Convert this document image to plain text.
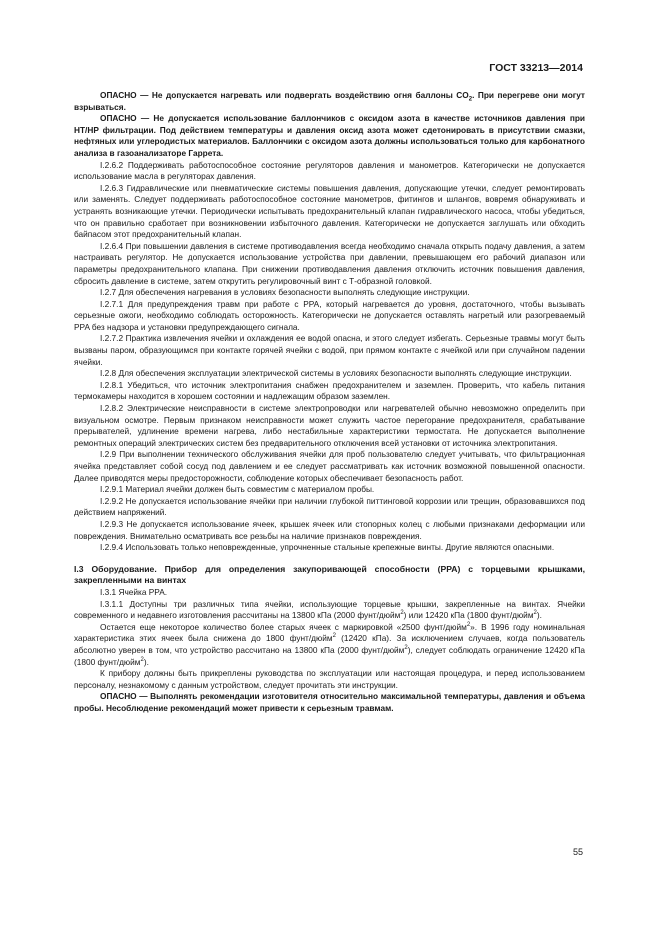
ГОСТ 33213—2014

ОПАСНО — Не допускается нагревать или подвергать воздействию огня баллоны $CO_2$. При перегреве они могут взрываться.

ОПАСНО — Не допускается использование баллончиков с оксидом азота в качестве источников давления при HT/HP фильтрации. Под действием температуры и давления оксид азота может сдетонировать в присутствии смазки, нефтяных или углеродистых материалов. Баллончики с оксидом азота должны использоваться только для карбонатного анализа в газоанализаторе Гаррета.

I.2.6.2 Поддерживать работоспособное состояние регуляторов давления и манометров. Категорически не допускается использование масла в регуляторах давления.

I.2.6.3 Гидравлические или пневматические системы повышения давления, допускающие утечки, следует ремонтировать или заменять. Следует поддерживать работоспособное состояние манометров, фитингов и шлангов, вовремя обнаруживать и устранять возникающие утечки. Периодически испытывать предохранительный клапан гидравлического насоса, чтобы убедиться, что он правильно сработает при возникновении избыточного давления. Категорически не допускается заглушать или обходить байпасом этот предохранительный клапан.

I.2.6.4 При повышении давления в системе противодавления всегда необходимо сначала открыть подачу давления, а затем настраивать регулятор. Не допускается использование устройства при давлении, превышающем его рабочий диапазон или параметры предохранительного клапана. При снижении противодавления давления отключить источник повышения давления, сбросить давление в системе, затем открутить регулировочный винт с Т-образной головкой.

I.2.7 Для обеспечения нагревания в условиях безопасности выполнять следующие инструкции.

I.2.7.1 Для предупреждения травм при работе с PPA, который нагревается до уровня, достаточного, чтобы вызывать серьезные ожоги, необходимо соблюдать осторожность. Категорически не допускается оставлять нагретый или разогреваемый PPA без надзора и установки предупреждающего сигнала.

I.2.7.2 Практика извлечения ячейки и охлаждения ее водой опасна, и этого следует избегать. Серьезные травмы могут быть вызваны паром, образующимся при контакте горячей ячейки с водой, при прямом контакте с ячейкой или при случайном падении ячейки.

I.2.8 Для обеспечения эксплуатации электрической системы в условиях безопасности выполнять следующие инструкции.

I.2.8.1 Убедиться, что источник электропитания снабжен предохранителем и заземлен. Проверить, что кабель питания термокамеры находится в хорошем состоянии и надлежащим образом заземлен.

I.2.8.2 Электрические неисправности в системе электропроводки или нагревателей обычно невозможно определить при визуальном осмотре. Первым признаком неисправности может служить частое перегорание предохранителя, срабатывание прерывателей, удлинение времени нагрева, либо нестабильные характеристики термостата. Не допускается выполнение ремонтных операций электрических систем без предварительного отключения всей установки от источника электропитания.

I.2.9 При выполнении технического обслуживания ячейки для проб пользователю следует учитывать, что фильтрационная ячейка представляет собой сосуд под давлением и ее следует рассматривать как источник возможной повышенной опасности. Далее приводятся меры предосторожности, соблюдение которых обеспечивает безопасность работ.

I.2.9.1 Материал ячейки должен быть совместим с материалом пробы.

I.2.9.2 Не допускается использование ячейки при наличии глубокой питтинговой коррозии или трещин, образовавшихся под действием напряжений.

I.2.9.3 Не допускается использование ячеек, крышек ячеек или стопорных колец с любыми признаками деформации или повреждения. Внимательно осматривать все резьбы на наличие признаков повреждения.

I.2.9.4 Использовать только неповрежденные, упрочненные стальные крепежные винты. Другие являются опасными.

I.3 Оборудование. Прибор для определения закупоривающей способности (PPA) с торцевыми крышками, закрепленными на винтах

I.3.1 Ячейка PPA.

I.3.1.1 Доступны три различных типа ячейки, использующие торцевые крышки, закрепленные на винтах. Ячейки современного и недавнего изготовления рассчитаны на 13800 кПа (2000 фунт/дюйм$^2$) или 12420 кПа (1800 фунт/дюйм$^2$).

Остается еще некоторое количество более старых ячеек с маркировкой «2500 фунт/дюйм$^2$». В 1996 году номинальная характеристика этих ячеек была снижена до 1800 фунт/дюйм$^2$ (12420 кПа). За исключением случаев, когда пользователь абсолютно уверен в том, что устройство рассчитано на 13800 кПа (2000 фунт/дюйм$^2$), следует соблюдать ограничение 12420 кПа (1800 фунт/дюйм$^2$).

К прибору должны быть прикреплены руководства по эксплуатации или настоящая процедура, и перед использованием персоналу, незнакомому с данным устройством, следует прочитать эти инструкции.

ОПАСНО — Выполнять рекомендации изготовителя относительно максимальной температуры, давления и объема пробы. Несоблюдение рекомендаций может привести к серьезным травмам.

55
